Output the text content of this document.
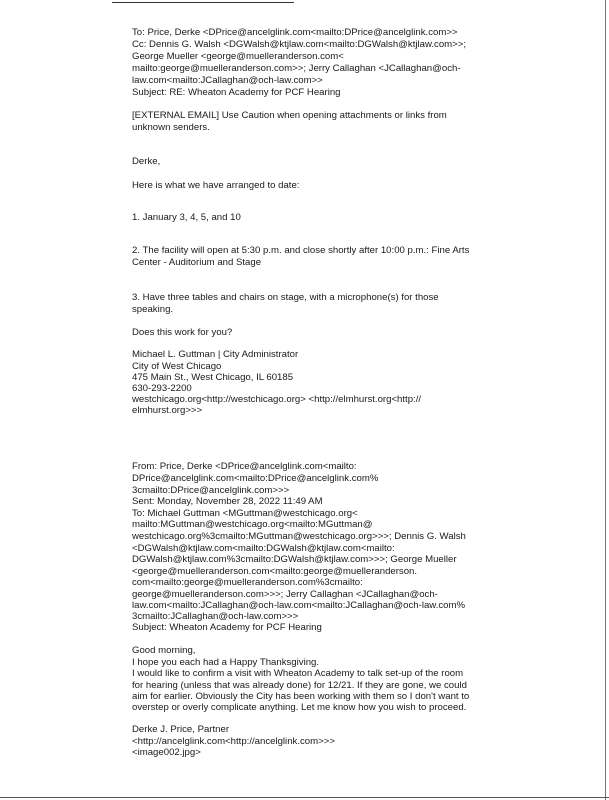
To: Price, Derke <DPrice@ancelglink.com<mailto:DPrice@ancelglink.com>>
Cc: Dennis G. Walsh <DGWalsh@ktjlaw.com<mailto:DGWalsh@ktjlaw.com>>;
George Mueller <george@muelleranderson.com<
mailto:george@muelleranderson.com>>; Jerry Callaghan <JCallaghan@och-
law.com<mailto:JCallaghan@och-law.com>>
Subject: RE: Wheaton Academy for PCF Hearing
[EXTERNAL EMAIL] Use Caution when opening attachments or links from
unknown senders.
Derke,
Here is what we have arranged to date:
1. January 3, 4, 5, and 10
2. The facility will open at 5:30 p.m. and close shortly after 10:00 p.m.: Fine Arts
Center - Auditorium and Stage
3. Have three tables and chairs on stage, with a microphone(s) for those
speaking.
Does this work for you?
Michael L. Guttman | City Administrator
City of West Chicago
475 Main St., West Chicago, IL 60185
630-293-2200
westchicago.org<http://westchicago.org> <http://elmhurst.org<http://
elmhurst.org>>>
From: Price, Derke <DPrice@ancelglink.com<mailto:
DPrice@ancelglink.com<mailto:DPrice@ancelglink.com%
3cmailto:DPrice@ancelglink.com>>>
Sent: Monday, November 28, 2022 11:49 AM
To: Michael Guttman <MGuttman@westchicago.org<
mailto:MGuttman@westchicago.org<mailto:MGuttman@
westchicago.org%3cmailto:MGuttman@westchicago.org>>>; Dennis G. Walsh
<DGWalsh@ktjlaw.com<mailto:DGWalsh@ktjlaw.com<mailto:
DGWalsh@ktjlaw.com%3cmailto:DGWalsh@ktjlaw.com>>>; George Mueller
<george@muelleranderson.com<mailto:george@muelleranderson.
com<mailto:george@muelleranderson.com%3cmailto:
george@muelleranderson.com>>>; Jerry Callaghan <JCallaghan@och-
law.com<mailto:JCallaghan@och-law.com<mailto:JCallaghan@och-law.com%
3cmailto:JCallaghan@och-law.com>>>
Subject: Wheaton Academy for PCF Hearing
Good morning,
I hope you each had a Happy Thanksgiving.
I would like to confirm a visit with Wheaton Academy to talk set-up of the room
for hearing (unless that was already done) for 12/21. If they are gone, we could
aim for earlier. Obviously the City has been working with them so I don't want to
overstep or overly complicate anything. Let me know how you wish to proceed.
Derke J. Price, Partner
<http://ancelglink.com<http://ancelglink.com>>>
<image002.jpg>
